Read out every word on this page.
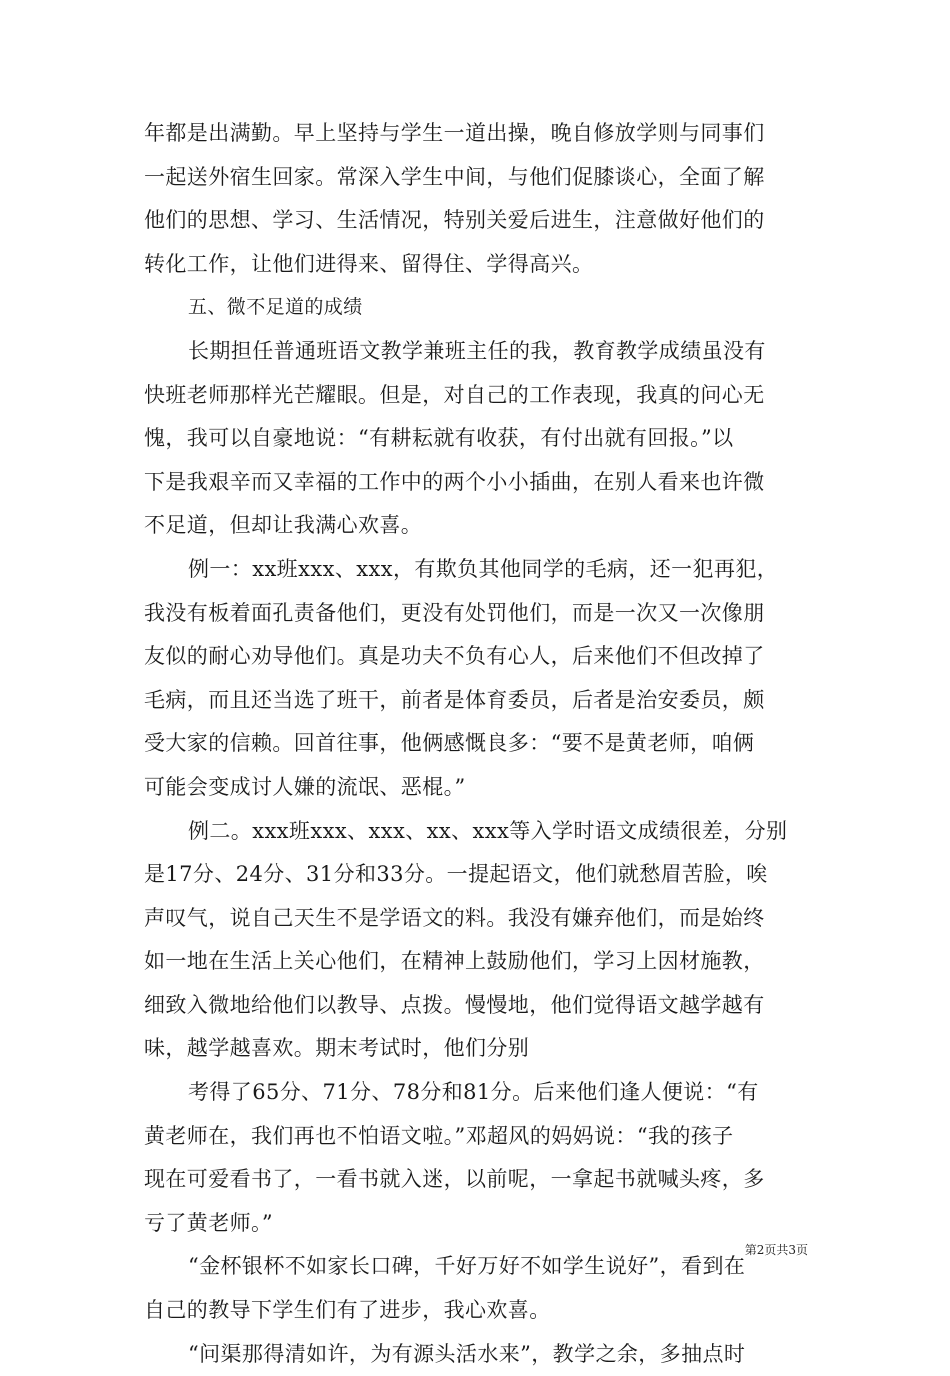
年都是出满勤。早上坚持与学生一道出操，晚自修放学则与同事们
一起送外宿生回家。常深入学生中间，与他们促膝谈心，全面了解
他们的思想、学习、生活情况，特别关爱后进生，注意做好他们的
转化工作，让他们进得来、留得住、学得高兴。
五、微不足道的成绩
长期担任普通班语文教学兼班主任的我，教育教学成绩虽没有
快班老师那样光芒耀眼。但是，对自己的工作表现，我真的问心无
愧，我可以自豪地说：“有耕耘就有收获，有付出就有回报。”以
下是我艰辛而又幸福的工作中的两个小小插曲，在别人看来也许微
不足道，但却让我满心欢喜。
例一：xx班xxx、xxx，有欺负其他同学的毛病，还一犯再犯，
我没有板着面孔责备他们，更没有处罚他们，而是一次又一次像朋
友似的耐心劝导他们。真是功夫不负有心人，后来他们不但改掉了
毛病，而且还当选了班干，前者是体育委员，后者是治安委员，颇
受大家的信赖。回首往事，他俩感慨良多：“要不是黄老师，咱俩
可能会变成讨人嫌的流氓、恶棍。”
例二。xxx班xxx、xxx、xx、xxx等入学时语文成绩很差，分别
是17分、24分、31分和33分。一提起语文，他们就愁眉苦脸，唉
声叹气，说自己天生不是学语文的料。我没有嫌弃他们，而是始终
如一地在生活上关心他们，在精神上鼓励他们，学习上因材施教，
细致入微地给他们以教导、点拨。慢慢地，他们觉得语文越学越有
味，越学越喜欢。期末考试时，他们分别
考得了65分、71分、78分和81分。后来他们逢人便说：“有
黄老师在，我们再也不怕语文啦。”邓超风的妈妈说：“我的孩子
现在可爱看书了，一看书就入迷，以前呢，一拿起书就喊头疼，多
亏了黄老师。”
“金杯银杯不如家长口碑，千好万好不如学生说好”，看到在
自己的教导下学生们有了进步，我心欢喜。
“问渠那得清如许，为有源头活水来”，教学之余，多抽点时
第2页共3页
